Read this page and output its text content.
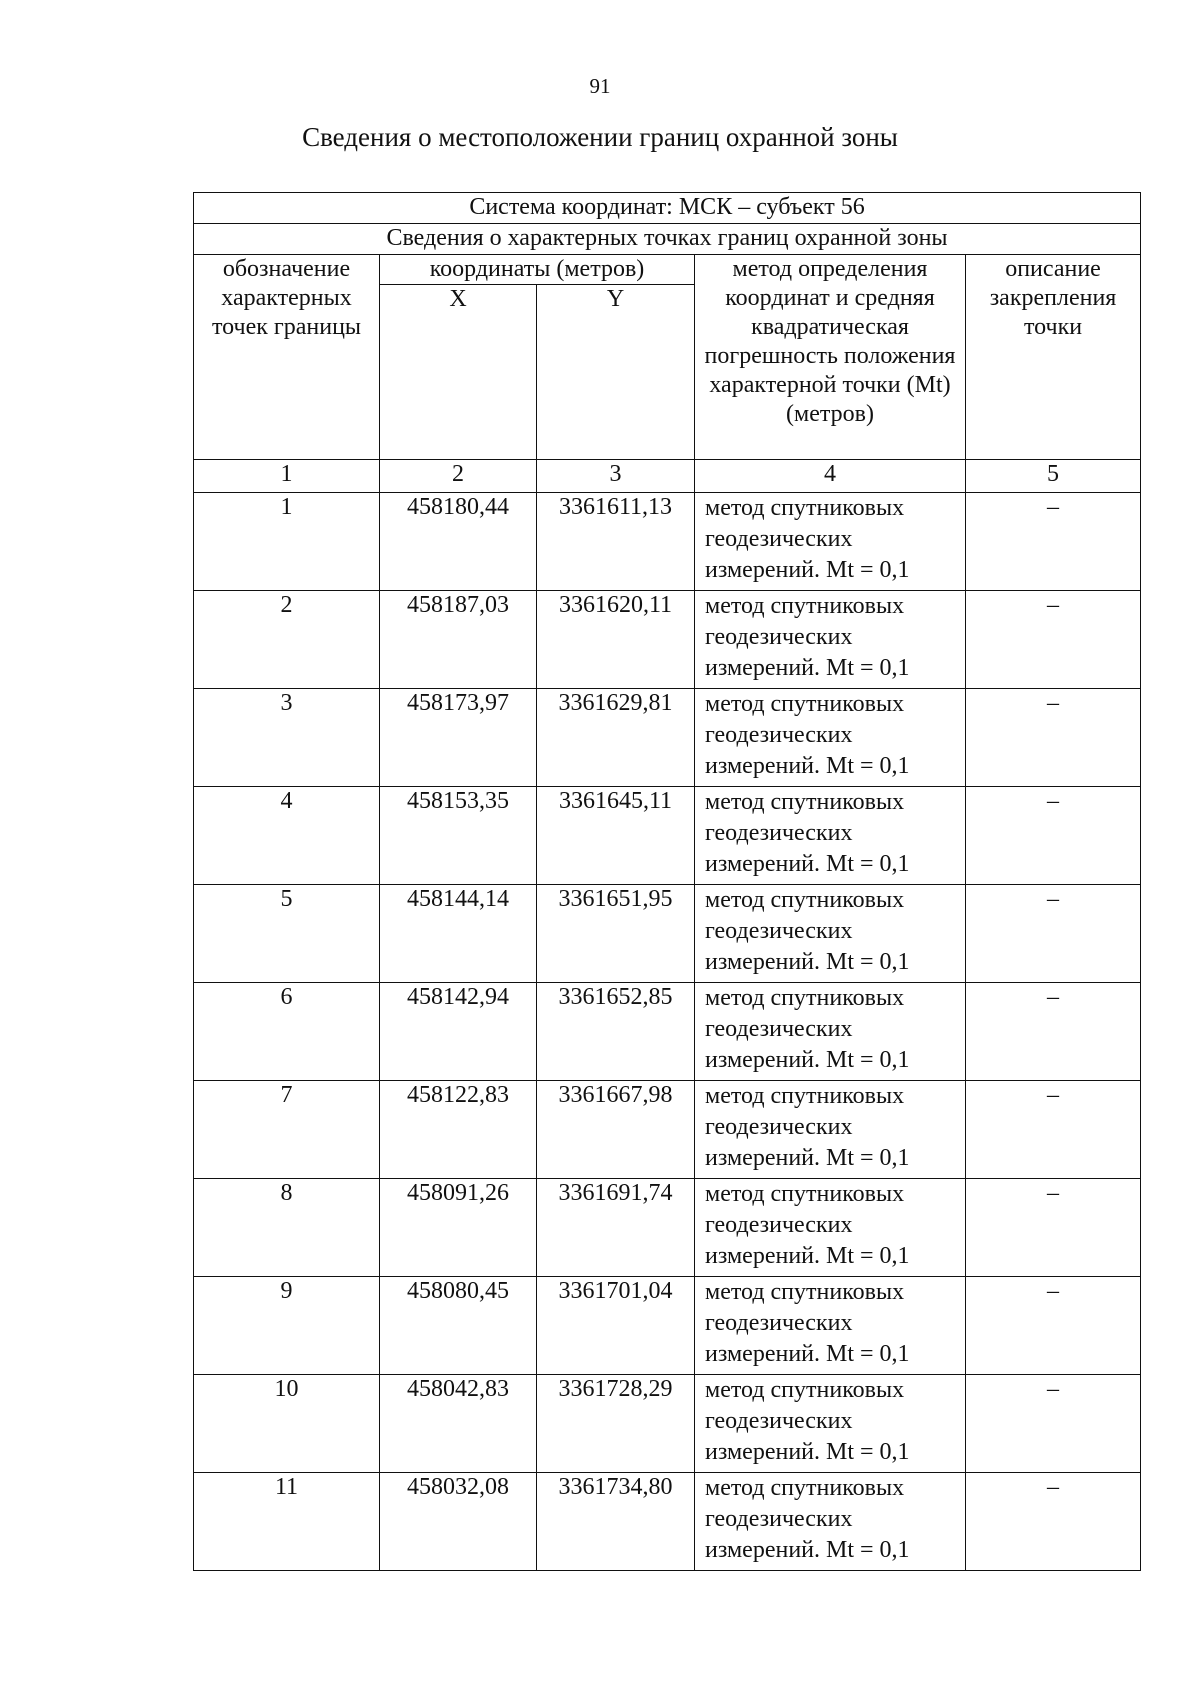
91
Сведения о местоположении границ охранной зоны
Система координат: МСК – субъект 56				
Сведения о характерных точках границ охранной зоны				
обозначение характерных точек границы	координаты (метров)		метод определения координат и средняя квадратическая погрешность положения характерной точки (Mt) (метров)	описание закрепления точки
	X	Y		
1	2	3	4	5
1	458180,44	3361611,13	метод спутниковых геодезических измерений. Mt = 0,1	–
2	458187,03	3361620,11	метод спутниковых геодезических измерений. Mt = 0,1	–
3	458173,97	3361629,81	метод спутниковых геодезических измерений. Mt = 0,1	–
4	458153,35	3361645,11	метод спутниковых геодезических измерений. Mt = 0,1	–
5	458144,14	3361651,95	метод спутниковых геодезических измерений. Mt = 0,1	–
6	458142,94	3361652,85	метод спутниковых геодезических измерений. Mt = 0,1	–
7	458122,83	3361667,98	метод спутниковых геодезических измерений. Mt = 0,1	–
8	458091,26	3361691,74	метод спутниковых геодезических измерений. Mt = 0,1	–
9	458080,45	3361701,04	метод спутниковых геодезических измерений. Mt = 0,1	–
10	458042,83	3361728,29	метод спутниковых геодезических измерений. Mt = 0,1	–
11	458032,08	3361734,80	метод спутниковых геодезических измерений. Mt = 0,1	–
